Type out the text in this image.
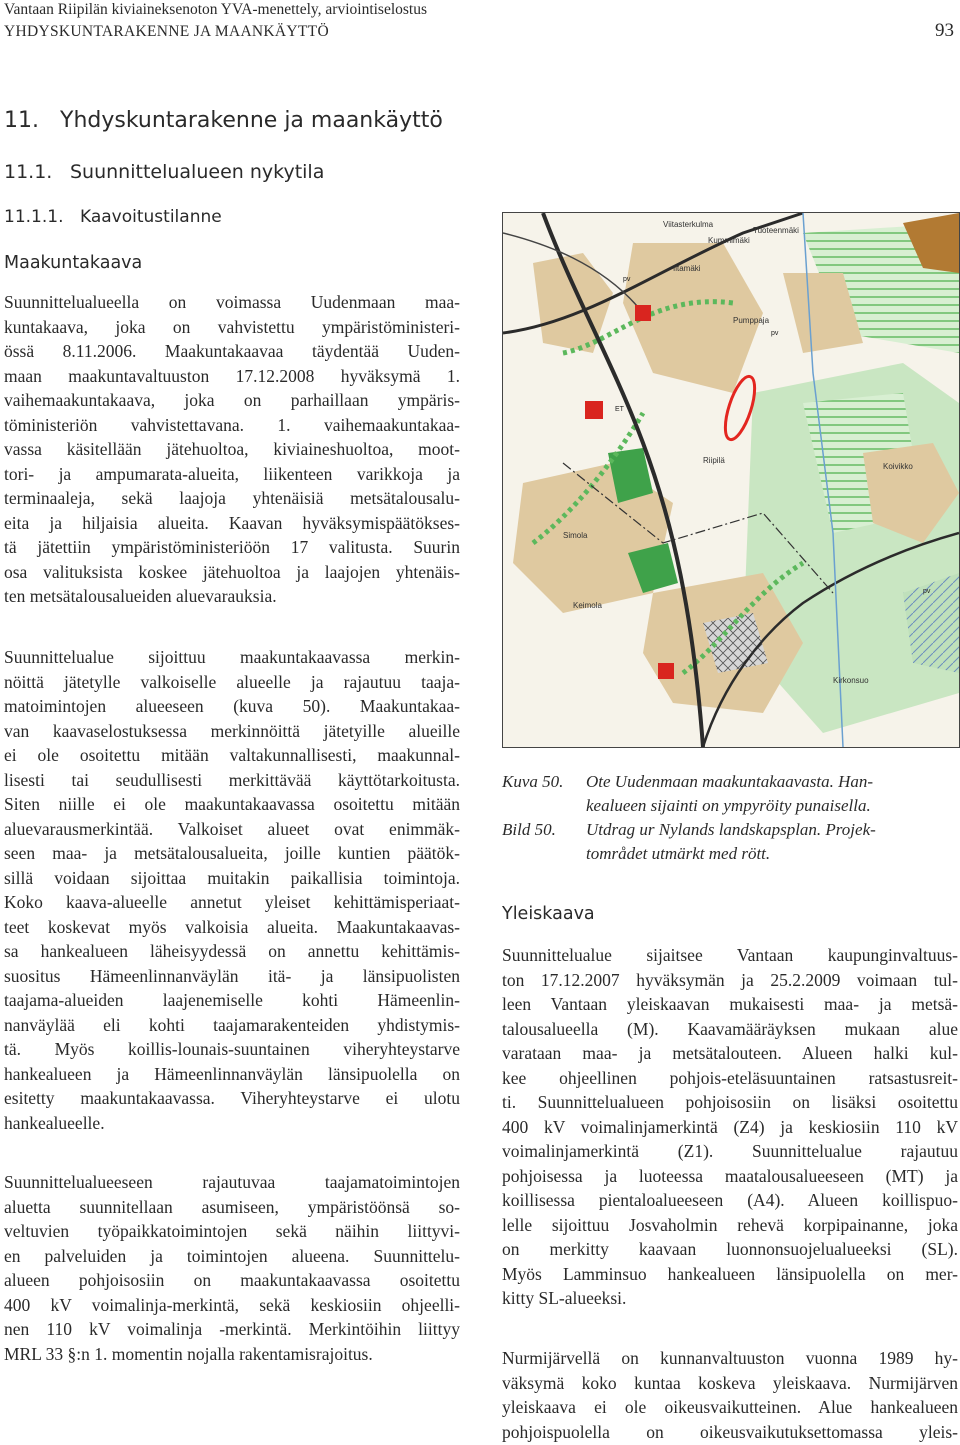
Vantaan Riipilän kiviaineksenoton YVA-menettely, arviointiselostus
YHDYSKUNTARAKENNE JA MAANKÄYTTÖ	93
11. Yhdyskuntarakenne ja maankäyttö
11.1. Suunnittelualueen nykytila
11.1.1. Kaavoitustilanne
Maakuntakaava
Suunnittelualueella on voimassa Uudenmaan maa-
kuntakaava, joka on vahvistettu ympäristöministeri-
össä 8.11.2006. Maakuntakaavaa täydentää Uuden-
maan maakuntavaltuuston 17.12.2008 hyväksymä 1.
vaihemaakuntakaava, joka on parhaillaan ympäris-
töministeriön vahvistettavana. 1. vaihemaakuntakaa-
vassa käsitellään jätehuoltoa, kiviaineshuoltoa, moot-
tori- ja ampumarata-alueita, liikenteen varikkoja ja
terminaaleja, sekä laajoja yhtenäisiä metsätalousalu-
eita ja hiljaisia alueita. Kaavan hyväksymispäätökses-
tä jätettiin ympäristöministeriöön 17 valitusta. Suurin
osa valituksista koskee jätehuoltoa ja laajojen yhtenäis-
ten metsätalousalueiden aluevarauksia.
Suunnittelualue sijoittuu maakuntakaavassa merkin-
nöittä jätetylle valkoiselle alueelle ja rajautuu taaja-
matoimintojen alueeseen (kuva 50). Maakuntakaa-
van kaavaselostuksessa merkinnöittä jätetyille alueille
ei ole osoitettu mitään valtakunnallisesti, maakunnal-
lisesti tai seudullisesti merkittävää käyttötarkoitusta.
Siten niille ei ole maakuntakaavassa osoitettu mitään
aluevarausmerkintää. Valkoiset alueet ovat enimmäk-
seen maa- ja metsätalousalueita, joille kuntien päätök-
sillä voidaan sijoittaa muitakin paikallisia toimintoja.
Koko kaava-alueelle annetut yleiset kehittämisperiaat-
teet koskevat myös valkoisia alueita. Maakuntakaavas-
sa hankealueen läheisyydessä on annettu kehittämis-
suositus Hämeenlinnanväylän itä- ja länsipuolisten
taajama-alueiden laajenemiselle kohti Hämeenlin-
nanväylää eli kohti taajamarakenteiden yhdistymis-
tä. Myös koillis-lounais-suuntainen viheryhteystarve
hankealueen ja Hämeenlinnanväylän länsipuolella on
esitetty maakuntakaavassa. Viheryhteystarve ei ulotu
hankealueelle.
Suunnittelualueeseen rajautuvaa taajamatoimintojen
aluetta suunnitellaan asumiseen, ympäristöönsä so-
veltuvien työpaikkatoimintojen sekä näihin liittyvi-
en palveluiden ja toimintojen alueena. Suunnittelu-
alueen pohjoisosiin on maakuntakaavassa osoitettu
400 kV voimalinja-merkintä, sekä keskiosiin ohjeelli-
nen 110 kV voimalinja -merkintä. Merkintöihin liittyy
MRL 33 §:n 1. momentin nojalla rakentamisrajoitus.
Viitasterkulma
Iltamäki
Kummimäki
Tuoteenmäki
Pumppaja
Simola
Riipilä
Keimola
Koivikko
Kirkonsuo
ET
pv
pv
pv
Kuva 50.	Ote Uudenmaan maakuntakaavasta. Han-
kealueen sijainti on ympyröity punaisella.
Bild 50.	Utdrag ur Nylands landskapsplan. Projek-
tområdet utmärkt med rött.
Yleiskaava
Suunnittelualue sijaitsee Vantaan kaupunginvaltuus-
ton 17.12.2007 hyväksymän ja 25.2.2009 voimaan tul-
leen Vantaan yleiskaavan mukaisesti maa- ja metsä-
talousalueella (M). Kaavamääräyksen mukaan alue
varataan maa- ja metsätalouteen. Alueen halki kul-
kee ohjeellinen pohjois-eteläsuuntainen ratsastusreit-
ti. Suunnittelualueen pohjoisosiin on lisäksi osoitettu
400 kV voimalinjamerkintä (Z4) ja keskiosiin 110 kV
voimalinjamerkintä (Z1). Suunnittelualue rajautuu
pohjoisessa ja luoteessa maatalousalueeseen (MT) ja
koillisessa pientaloalueeseen (A4). Alueen koillispuo-
lelle sijoittuu Josvaholmin rehevä korpipainanne, joka
on merkitty kaavaan luonnonsuojelualueeksi (SL).
Myös Lamminsuo hankealueen länsipuolella on mer-
kitty SL-alueeksi.
Nurmijärvellä on kunnanvaltuuston vuonna 1989 hy-
väksymä koko kuntaa koskeva yleiskaava. Nurmijärven
yleiskaava ei ole oikeusvaikutteinen. Alue hankealueen
pohjoispuolella on oikeusvaikutuksettomassa yleis-
